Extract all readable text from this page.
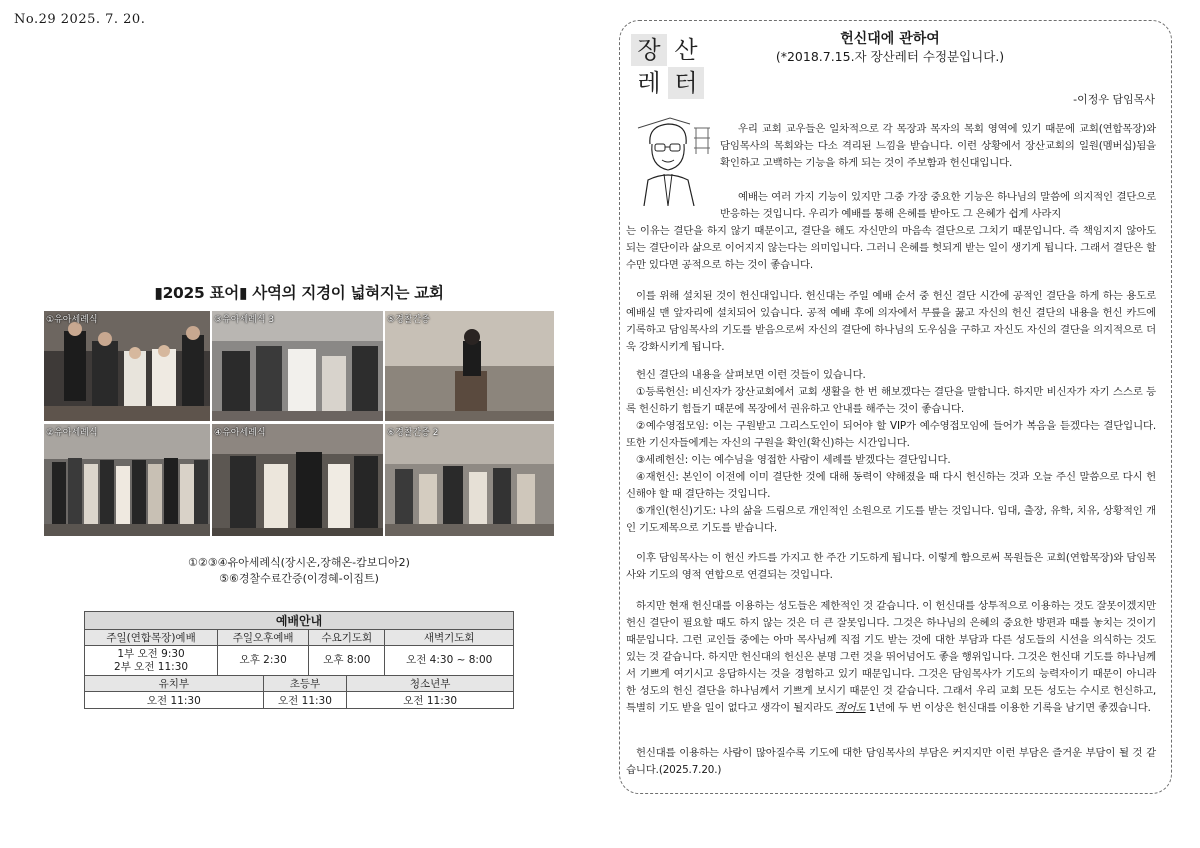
No.29 2025. 7. 20.
▮2025 표어▮ 사역의 지경이 넓혀지는 교회
①유아세례식	③유아세례식 3	⑤경찰간증
②유아세례식	④유아세례식	⑥경찰간증 2
①②③④유아세례식(장시온,장해온-캄보디아2)
⑤⑥경찰수료간증(이경혜-이집트)
예배안내					
주일(연합목장)예배	주일오후예배		수요기도회		새벽기도회

1부 오전 9:30
2부 오전 11:30	오후 2:30		오후 8:00		오전 4:30 ~ 8:00
유치부		초등부		청소년부	
오전 11:30		오전 11:30		오전 11:30	
장 산
레 터
헌신대에 관하여
(*2018.7.15.자 장산레터 수정분입니다.)
-이정우 담임목사
우리 교회 교우들은 일차적으로 각 목장과 목자의 목회 영역에 있기 때문에 교회(연합목장)와 담임목사의 목회와는 다소 격리된 느낌을 받습니다. 이런 상황에서 장산교회의 일원(멤버십)됨을 확인하고 고백하는 기능을 하게 되는 것이 주보함과 헌신대입니다.
예배는 여러 가지 기능이 있지만 그중 가장 중요한 기능은 하나님의 말씀에 의지적인 결단으로 반응하는 것입니다. 우리가 예배를 통해 은혜를 받아도 그 은혜가 쉽게 사라지
는 이유는 결단을 하지 않기 때문이고, 결단을 해도 자신만의 마음속 결단으로 그치기 때문입니다. 즉 책임지지 않아도 되는 결단이라 삶으로 이어지지 않는다는 의미입니다. 그러니 은혜를 헛되게 받는 일이 생기게 됩니다. 그래서 결단은 할 수만 있다면 공적으로 하는 것이 좋습니다.
이를 위해 설치된 것이 헌신대입니다. 헌신대는 주일 예배 순서 중 헌신 결단 시간에 공적인 결단을 하게 하는 용도로 예배실 맨 앞자리에 설치되어 있습니다. 공적 예배 후에 의자에서 무릎을 꿇고 자신의 헌신 결단의 내용을 헌신 카드에 기록하고 담임목사의 기도를 받음으로써 자신의 결단에 하나님의 도우심을 구하고 자신도 자신의 결단을 의지적으로 더욱 강화시키게 됩니다.
헌신 결단의 내용을 살펴보면 이런 것들이 있습니다.
①등록헌신: 비신자가 장산교회에서 교회 생활을 한 번 해보겠다는 결단을 말합니다. 하지만 비신자가 자기 스스로 등록 헌신하기 힘들기 때문에 목장에서 권유하고 안내를 해주는 것이 좋습니다.
②예수영접모임: 이는 구원받고 그리스도인이 되어야 할 VIP가 예수영접모임에 들어가 복음을 듣겠다는 결단입니다. 또한 기신자들에게는 자신의 구원을 확인(확신)하는 시간입니다.
③세례헌신: 이는 예수님을 영접한 사람이 세례를 받겠다는 결단입니다.
④재헌신: 본인이 이전에 이미 결단한 것에 대해 동력이 약해졌을 때 다시 헌신하는 것과 오늘 주신 말씀으로 다시 헌신해야 할 때 결단하는 것입니다.
⑤개인(헌신)기도: 나의 삶을 드림으로 개인적인 소원으로 기도를 받는 것입니다. 입대, 출장, 유학, 치유, 상황적인 개인 기도제목으로 기도를 받습니다.
이후 담임목사는 이 헌신 카드를 가지고 한 주간 기도하게 됩니다. 이렇게 함으로써 목원들은 교회(연합목장)와 담임목사와 기도의 영적 연합으로 연결되는 것입니다.
하지만 현재 헌신대를 이용하는 성도들은 제한적인 것 같습니다. 이 헌신대를 상투적으로 이용하는 것도 잘못이겠지만 헌신 결단이 필요할 때도 하지 않는 것은 더 큰 잘못입니다. 그것은 하나님의 은혜의 중요한 방편과 때를 놓치는 것이기 때문입니다. 그런 교인들 중에는 아마 목사님께 직접 기도 받는 것에 대한 부담과 다른 성도들의 시선을 의식하는 것도 있는 것 같습니다. 하지만 헌신대의 헌신은 분명 그런 것을 뛰어넘어도 좋을 행위입니다. 그것은 헌신대 기도를 하나님께서 기쁘게 여기시고 응답하시는 것을 경험하고 있기 때문입니다. 그것은 담임목사가 기도의 능력자이기 때문이 아니라 한 성도의 헌신 결단을 하나님께서 기쁘게 보시기 때문인 것 같습니다. 그래서 우리 교회 모든 성도는 수시로 헌신하고, 특별히 기도 받을 일이 없다고 생각이 될지라도 적어도 1년에 두 번 이상은 헌신대를 이용한 기록을 남기면 좋겠습니다.
헌신대를 이용하는 사람이 많아질수록 기도에 대한 담임목사의 부담은 커지지만 이런 부담은 즐거운 부담이 될 것 같습니다.(2025.7.20.)
